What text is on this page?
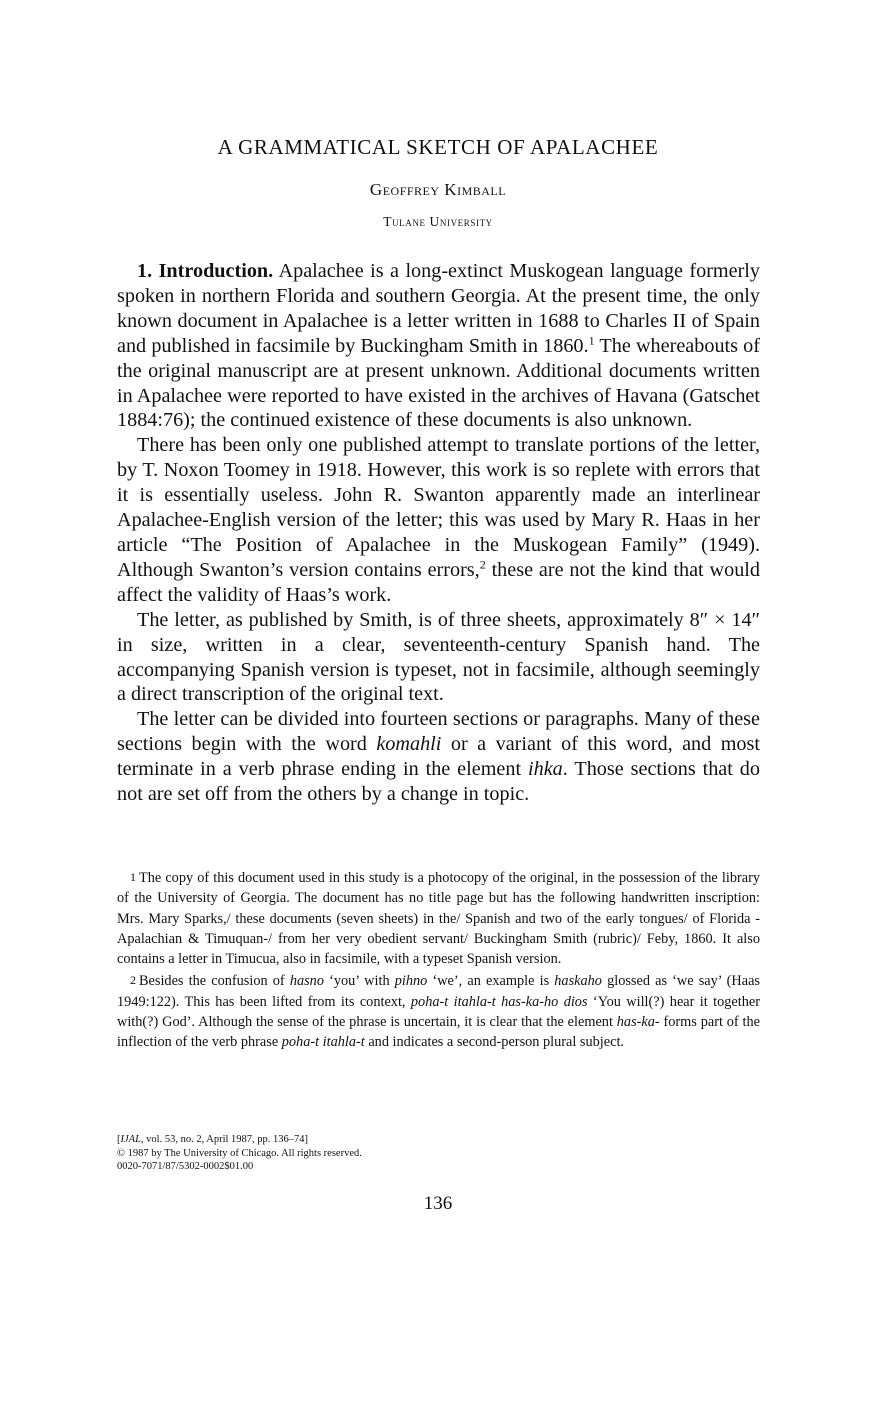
A GRAMMATICAL SKETCH OF APALACHEE
Geoffrey Kimball
Tulane University

1. Introduction. Apalachee is a long-extinct Muskogean language formerly spoken in northern Florida and southern Georgia. At the present time, the only known document in Apalachee is a letter written in 1688 to Charles II of Spain and published in facsimile by Buckingham Smith in 1860.$^1$ The whereabouts of the original manuscript are at present unknown. Additional documents written in Apalachee were reported to have existed in the archives of Havana (Gatschet 1884:76); the continued existence of these documents is also unknown.

There has been only one published attempt to translate portions of the letter, by T. Noxon Toomey in 1918. However, this work is so replete with errors that it is essentially useless. John R. Swanton apparently made an interlinear Apalachee-English version of the letter; this was used by Mary R. Haas in her article “The Position of Apalachee in the Muskogean Family” (1949). Although Swanton’s version contains errors,$^2$ these are not the kind that would affect the validity of Haas’s work.

The letter, as published by Smith, is of three sheets, approximately 8″ × 14″ in size, written in a clear, seventeenth-century Spanish hand. The accompanying Spanish version is typeset, not in facsimile, although seemingly a direct transcription of the original text.

The letter can be divided into fourteen sections or paragraphs. Many of these sections begin with the word komahli or a variant of this word, and most terminate in a verb phrase ending in the element ihka. Those sections that do not are set off from the others by a change in topic.

1 The copy of this document used in this study is a photocopy of the original, in the possession of the library of the University of Georgia. The document has no title page but has the following handwritten inscription: Mrs. Mary Sparks,/ these documents (seven sheets) in the/ Spanish and two of the early tongues/ of Florida - Apalachian & Timuquan-/ from her very obedient servant/ Buckingham Smith (rubric)/ Feby, 1860. It also contains a letter in Timucua, also in facsimile, with a typeset Spanish version.

2 Besides the confusion of hasno ‘you’ with pihno ‘we’, an example is haskaho glossed as ‘we say’ (Haas 1949:122). This has been lifted from its context, poha-t itahla-t has-ka-ho dios ‘You will(?) hear it together with(?) God’. Although the sense of the phrase is uncertain, it is clear that the element has-ka- forms part of the inflection of the verb phrase poha-t itahla-t and indicates a second-person plural subject.

[IJAL, vol. 53, no. 2, April 1987, pp. 136–74]
© 1987 by The University of Chicago. All rights reserved.
0020-7071/87/5302-0002$01.00
136
